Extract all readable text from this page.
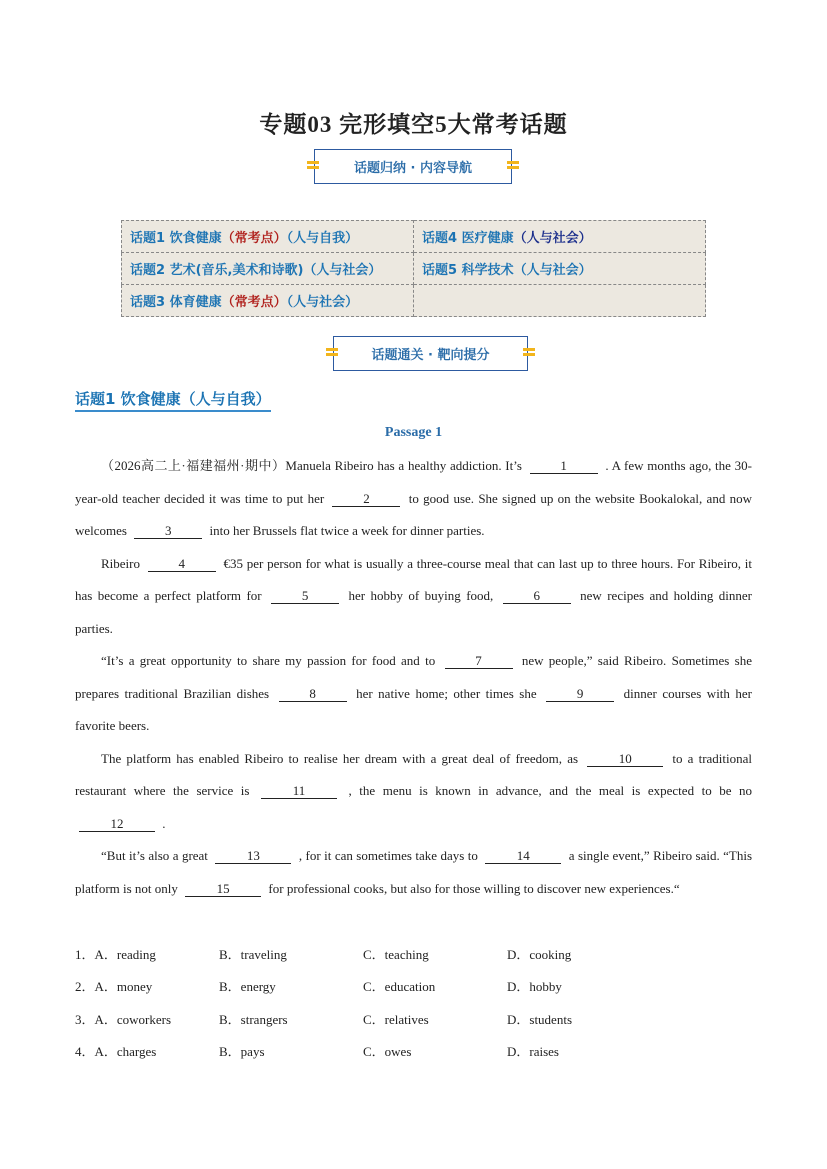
专题03 完形填空5大常考话题
话题归纳 · 内容导航
话题1 饮食健康（常考点）（人与自我）	话题4 医疗健康（人与社会）
话题2 艺术(音乐,美术和诗歌)（人与社会）	话题5 科学技术（人与社会）
话题3 体育健康（常考点）（人与社会）	
话题通关 · 靶向提分
话题1 饮食健康（人与自我）
Passage 1

（2026高二上·福建福州·期中）Manuela Ribeiro has a healthy addiction. It’s	1	. A few months ago, the 30-year-old teacher decided it was time to put her	2	to good use. She signed up on the website Bookalokal, and now welcomes	3	into her Brussels flat twice a week for dinner parties.

Ribeiro	4	€35 per person for what is usually a three-course meal that can last up to three hours. For Ribeiro, it has become a perfect platform for	5	her hobby of buying food,	6	new recipes and holding dinner parties.

“It’s a great opportunity to share my passion for food and to	7	new people,” said Ribeiro. Sometimes she prepares traditional Brazilian dishes	8	her native home; other times she	9	dinner courses with her favorite beers.

The platform has enabled Ribeiro to realise her dream with a great deal of freedom, as	10	to a traditional restaurant where the service is	11	, the menu is known in advance, and the meal is expected to be no 12	.

“But it’s also a great	13	, for it can sometimes take days to	14	a single event,” Ribeiro said. “This platform is not only	15	for professional cooks, but also for those willing to discover new experiences.“

1．A．reading	B．traveling	C．teaching	D．cooking
2．A．money	B．energy	C．education	D．hobby
3．A．coworkers	B．strangers	C．relatives	D．students
4．A．charges	B．pays	C．owes	D．raises
